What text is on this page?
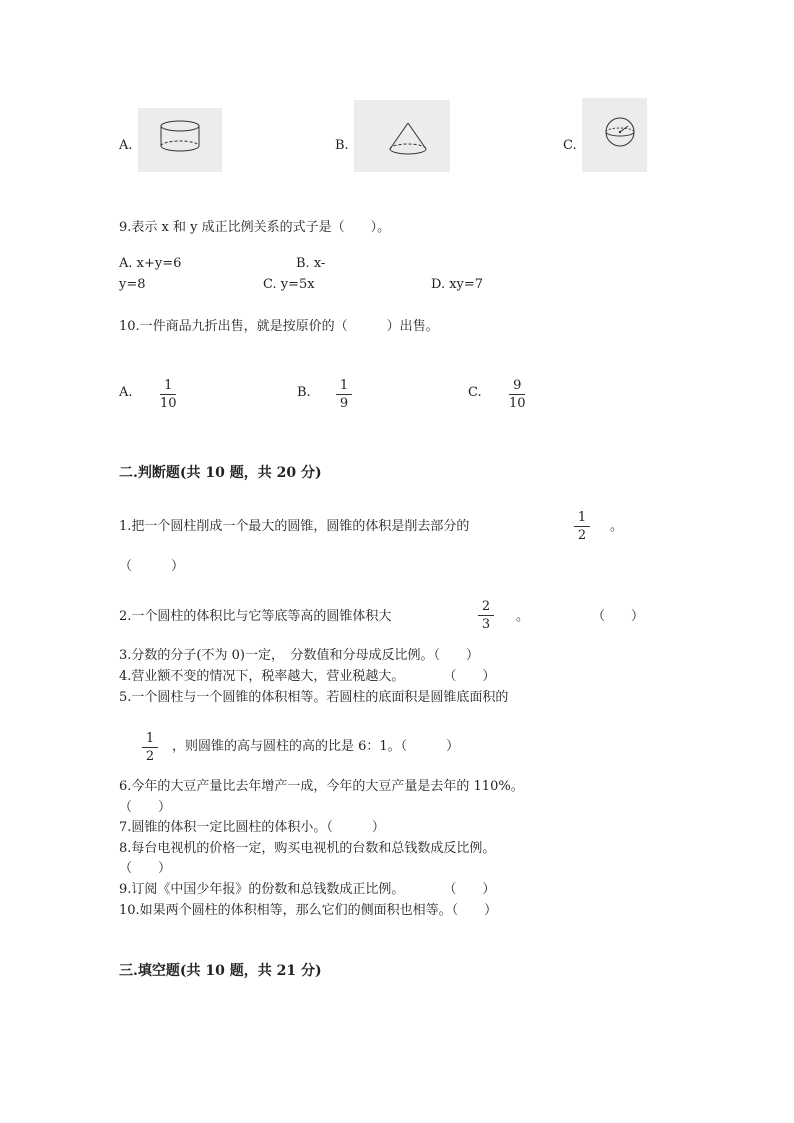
A.	B.	C.
9.表示 x 和 y 成正比例关系的式子是（　　）。
A. x+y=6	B. x-
y=8	C. y=5x	D. xy=7
10.一件商品九折出售，就是按原价的（　　　）出售。
A. 1
10
B. 1
9
C. 9
10
二.判断题(共 10 题，共 20 分)
1.把一个圆柱削成一个最大的圆锥，圆锥的体积是削去部分的
1
2
。
（　　　）
2.一个圆柱的体积比与它等底等高的圆锥体积大
2
3
。	（　　）
3.分数的分子(不为 0)一定，　分数值和分母成反比例。（　　）
4.营业额不变的情况下，税率越大，营业税越大。　　　　（　　）
5.一个圆柱与一个圆锥的体积相等。若圆柱的底面积是圆锥底面积的
1
2
，则圆锥的高与圆柱的高的比是 6：1。（　　　）
6.今年的大豆产量比去年增产一成，今年的大豆产量是去年的 110%。
（　　）
7.圆锥的体积一定比圆柱的体积小。（　　　）
8.每台电视机的价格一定，购买电视机的台数和总钱数成反比例。
（　　）
9.订阅《中国少年报》的份数和总钱数成正比例。　　　　（　　）
10.如果两个圆柱的体积相等，那么它们的侧面积也相等。（　　）
三.填空题(共 10 题，共 21 分)
